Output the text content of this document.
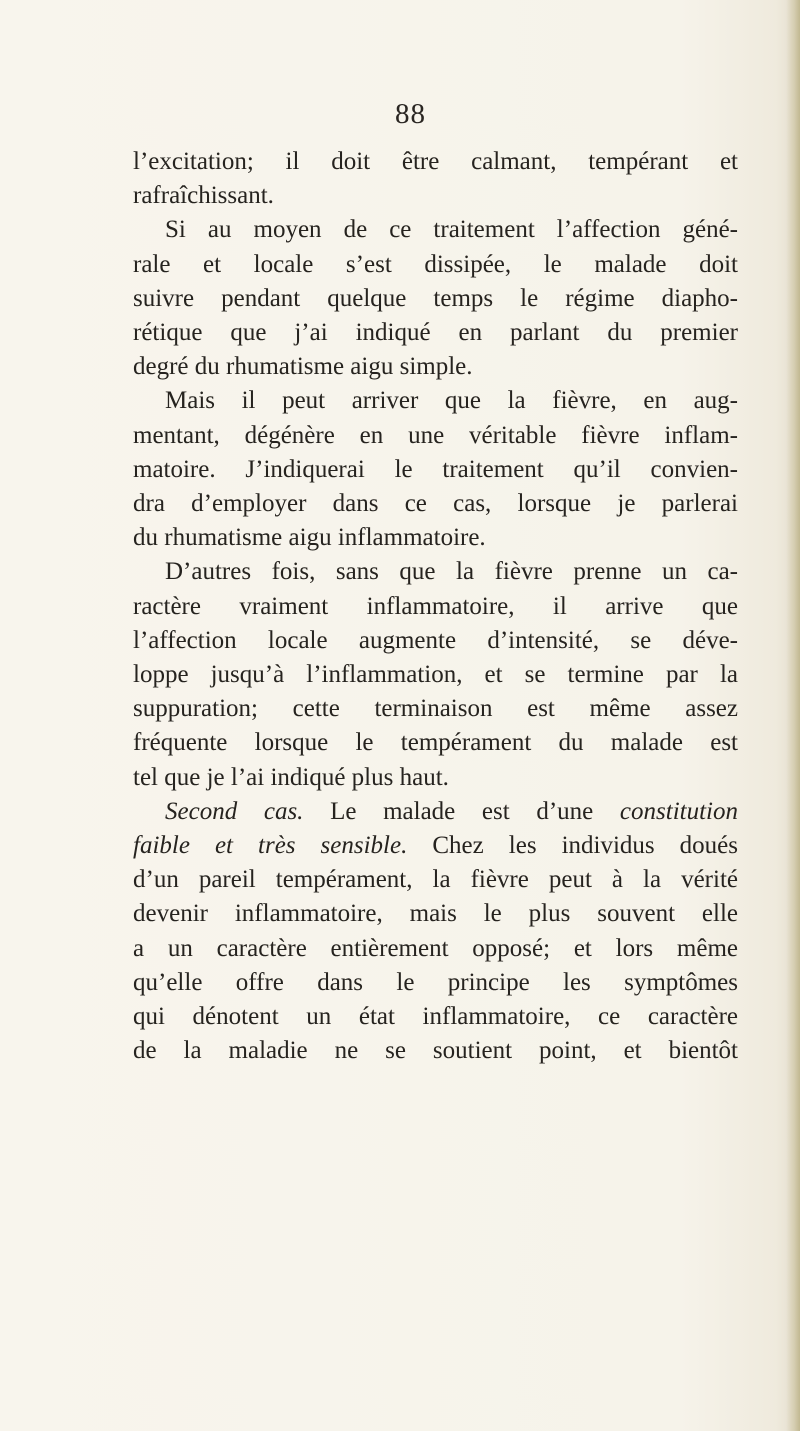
88
l’excitation; il doit être calmant, tempérant et
rafraîchissant.
Si au moyen de ce traitement l’affection géné-
rale et locale s’est dissipée, le malade doit
suivre pendant quelque temps le régime diapho-
rétique que j’ai indiqué en parlant du premier
degré du rhumatisme aigu simple.
Mais il peut arriver que la fièvre, en aug-
mentant, dégénère en une véritable fièvre inflam-
matoire. J’indiquerai le traitement qu’il convien-
dra d’employer dans ce cas, lorsque je parlerai
du rhumatisme aigu inflammatoire.
D’autres fois, sans que la fièvre prenne un ca-
ractère vraiment inflammatoire, il arrive que
l’affection locale augmente d’intensité, se déve-
loppe jusqu’à l’inflammation, et se termine par la
suppuration; cette terminaison est même assez
fréquente lorsque le tempérament du malade est
tel que je l’ai indiqué plus haut.
Second cas. Le malade est d’une constitution
faible et très sensible. Chez les individus doués
d’un pareil tempérament, la fièvre peut à la vérité
devenir inflammatoire, mais le plus souvent elle
a un caractère entièrement opposé; et lors même
qu’elle offre dans le principe les symptômes
qui dénotent un état inflammatoire, ce caractère
de la maladie ne se soutient point, et bientôt
